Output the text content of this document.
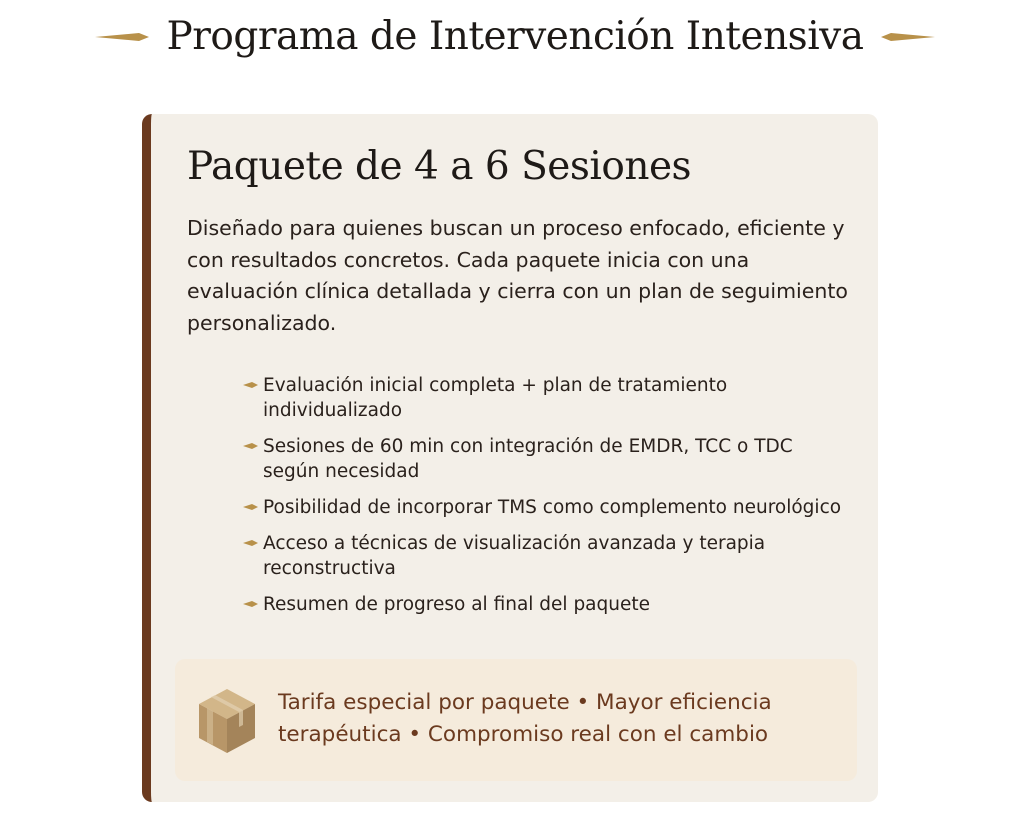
Programa de Intervención Intensiva
Paquete de 4 a 6 Sesiones

Diseñado para quienes buscan un proceso enfocado, eficiente y con resultados concretos. Cada paquete inicia con una evaluación clínica detallada y cierra con un plan de seguimiento personalizado.

Evaluación inicial completa + plan de tratamiento individualizado
Sesiones de 60 min con integración de EMDR, TCC o TDC según necesidad
Posibilidad de incorporar TMS como complemento neurológico
Acceso a técnicas de visualización avanzada y terapia reconstructiva
Resumen de progreso al final del paquete

Tarifa especial por paquete • Mayor eficiencia terapéutica • Compromiso real con el cambio
